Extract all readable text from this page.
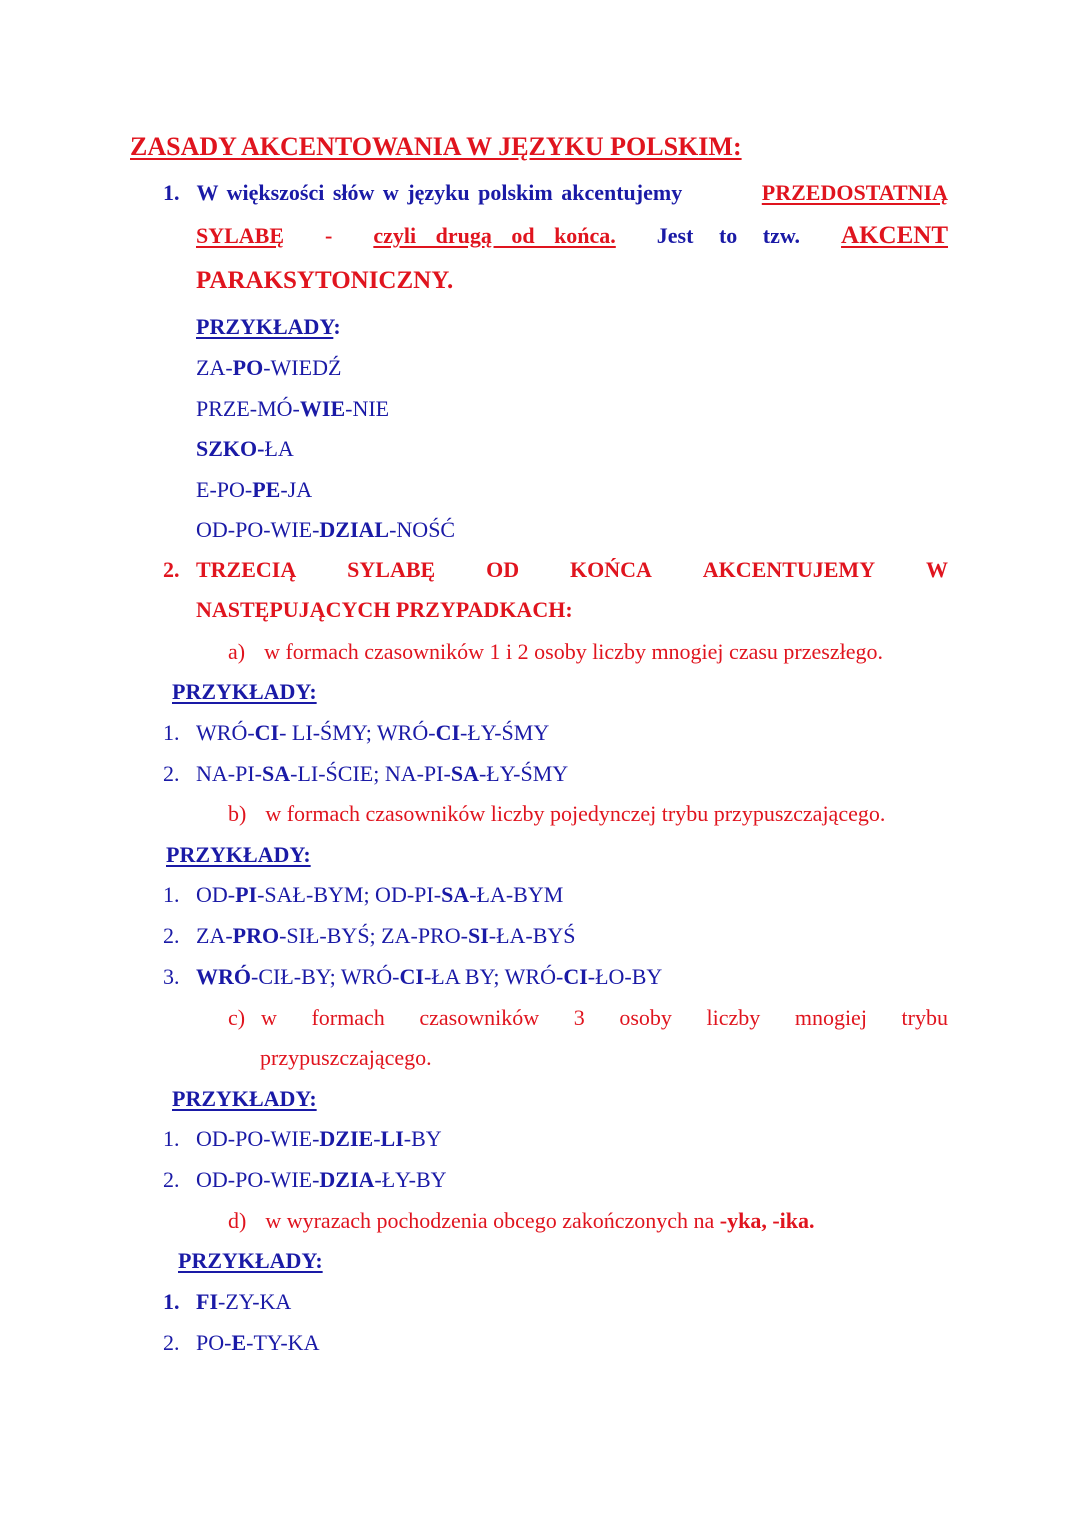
ZASADY AKCENTOWANIA W JĘZYKU POLSKIM:
1. W większości słów w języku polskim akcentujemy	PRZEDOSTATNIĄ
SYLABĘ - czyli drugą od końca. Jest to tzw. AKCENT
PARAKSYTONICZNY.
PRZYKŁADY:
ZA-PO-WIEDŹ
PRZE-MÓ-WIE-NIE
SZKO-ŁA
E-PO-PE-JA
OD-PO-WIE-DZIAL-NOŚĆ
2. TRZECIĄ SYLABĘ OD KOŃCA AKCENTUJEMY W
NASTĘPUJĄCYCH PRZYPADKACH:
a) w formach czasowników 1 i 2 osoby liczby mnogiej czasu przeszłego.
PRZYKŁADY:
1. WRÓ-CI- LI-ŚMY; WRÓ-CI-ŁY-ŚMY
2. NA-PI-SA-LI-ŚCIE; NA-PI-SA-ŁY-ŚMY
b) w formach czasowników liczby pojedynczej trybu przypuszczającego.
PRZYKŁADY:
1. OD-PI-SAŁ-BYM; OD-PI-SA-ŁA-BYM
2. ZA-PRO-SIŁ-BYŚ; ZA-PRO-SI-ŁA-BYŚ
3. WRÓ-CIŁ-BY; WRÓ-CI-ŁA BY; WRÓ-CI-ŁO-BY
c) w formach czasowników 3 osoby liczby mnogiej trybu
przypuszczającego.
PRZYKŁADY:
1. OD-PO-WIE-DZIE-LI-BY
2. OD-PO-WIE-DZIA-ŁY-BY
d) w wyrazach pochodzenia obcego zakończonych na -yka, -ika.
PRZYKŁADY:
1. FI-ZY-KA
2. PO-E-TY-KA
